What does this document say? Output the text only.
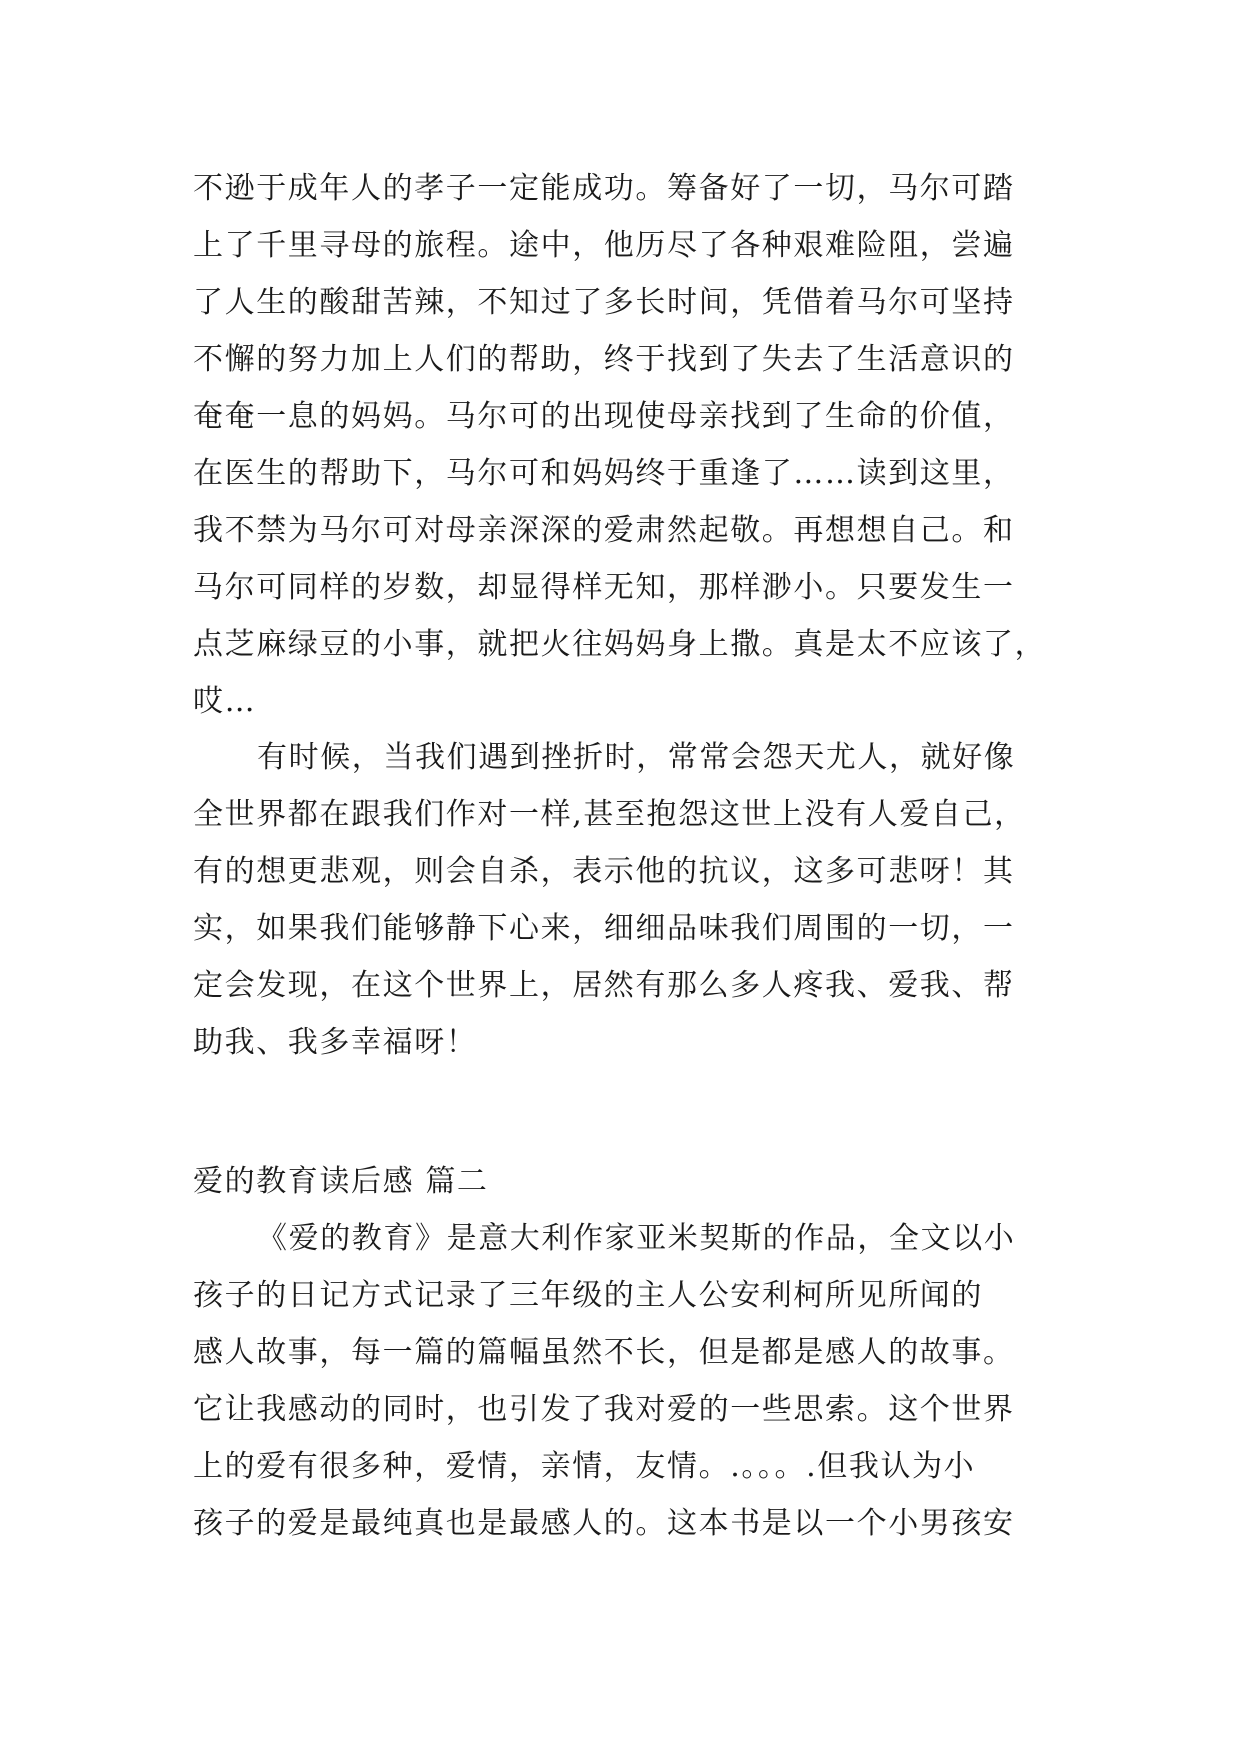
不逊于成年人的孝子一定能成功。筹备好了一切，马尔可踏
上了千里寻母的旅程。途中，他历尽了各种艰难险阻，尝遍
了人生的酸甜苦辣，不知过了多长时间，凭借着马尔可坚持
不懈的努力加上人们的帮助，终于找到了失去了生活意识的
奄奄一息的妈妈。马尔可的出现使母亲找到了生命的价值，
在医生的帮助下，马尔可和妈妈终于重逢了……读到这里，
我不禁为马尔可对母亲深深的爱肃然起敬。再想想自己。和
马尔可同样的岁数，却显得样无知，那样渺小。只要发生一
点芝麻绿豆的小事，就把火往妈妈身上撒。真是太不应该了，
哎…
有时候，当我们遇到挫折时，常常会怨天尤人，就好像
全世界都在跟我们作对一样,甚至抱怨这世上没有人爱自己，
有的想更悲观，则会自杀，表示他的抗议，这多可悲呀！其
实，如果我们能够静下心来，细细品味我们周围的一切，一
定会发现，在这个世界上，居然有那么多人疼我、爱我、帮
助我、我多幸福呀！
爱的教育读后感 篇二
《爱的教育》是意大利作家亚米契斯的作品，全文以小
孩子的日记方式记录了三年级的主人公安利柯所见所闻的
感人故事，每一篇的篇幅虽然不长，但是都是感人的故事。
它让我感动的同时，也引发了我对爱的一些思索。这个世界
上的爱有很多种，爱情，亲情，友情。.。。。.但我认为小
孩子的爱是最纯真也是最感人的。这本书是以一个小男孩安
